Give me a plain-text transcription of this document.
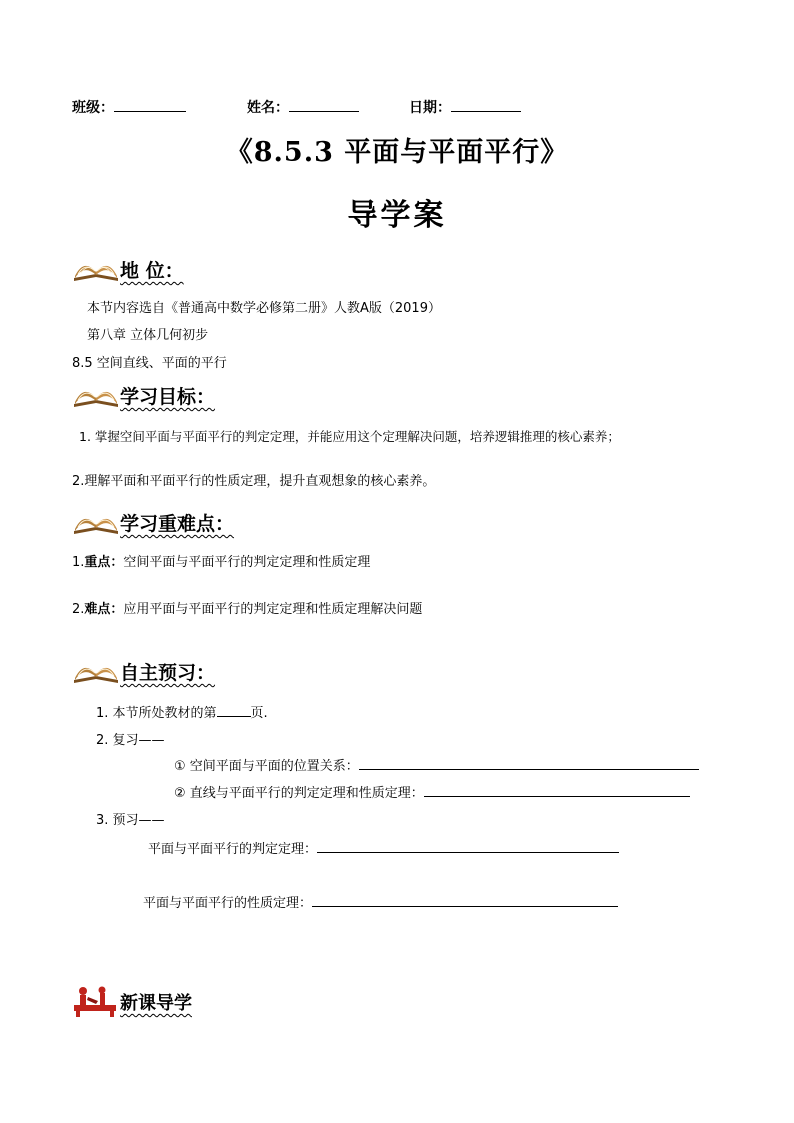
班级：	姓名：	日期：
《8.5.3 平面与平面平行》
导学案
地 位：
本节内容选自《普通高中数学必修第二册》人教A版（2019）
第八章 立体几何初步
8.5 空间直线、平面的平行
学习目标：
1. 掌握空间平面与平面平行的判定定理，并能应用这个定理解决问题，培养逻辑推理的核心素养；
2.理解平面和平面平行的性质定理，提升直观想象的核心素养。
学习重难点：
1.重点：空间平面与平面平行的判定定理和性质定理
2.难点：应用平面与平面平行的判定定理和性质定理解决问题
自主预习：
1. 本节所处教材的第	页.
2. 复习——
① 空间平面与平面的位置关系：
② 直线与平面平行的判定定理和性质定理：
3. 预习——
平面与平面平行的判定定理：
平面与平面平行的性质定理：
新课导学
